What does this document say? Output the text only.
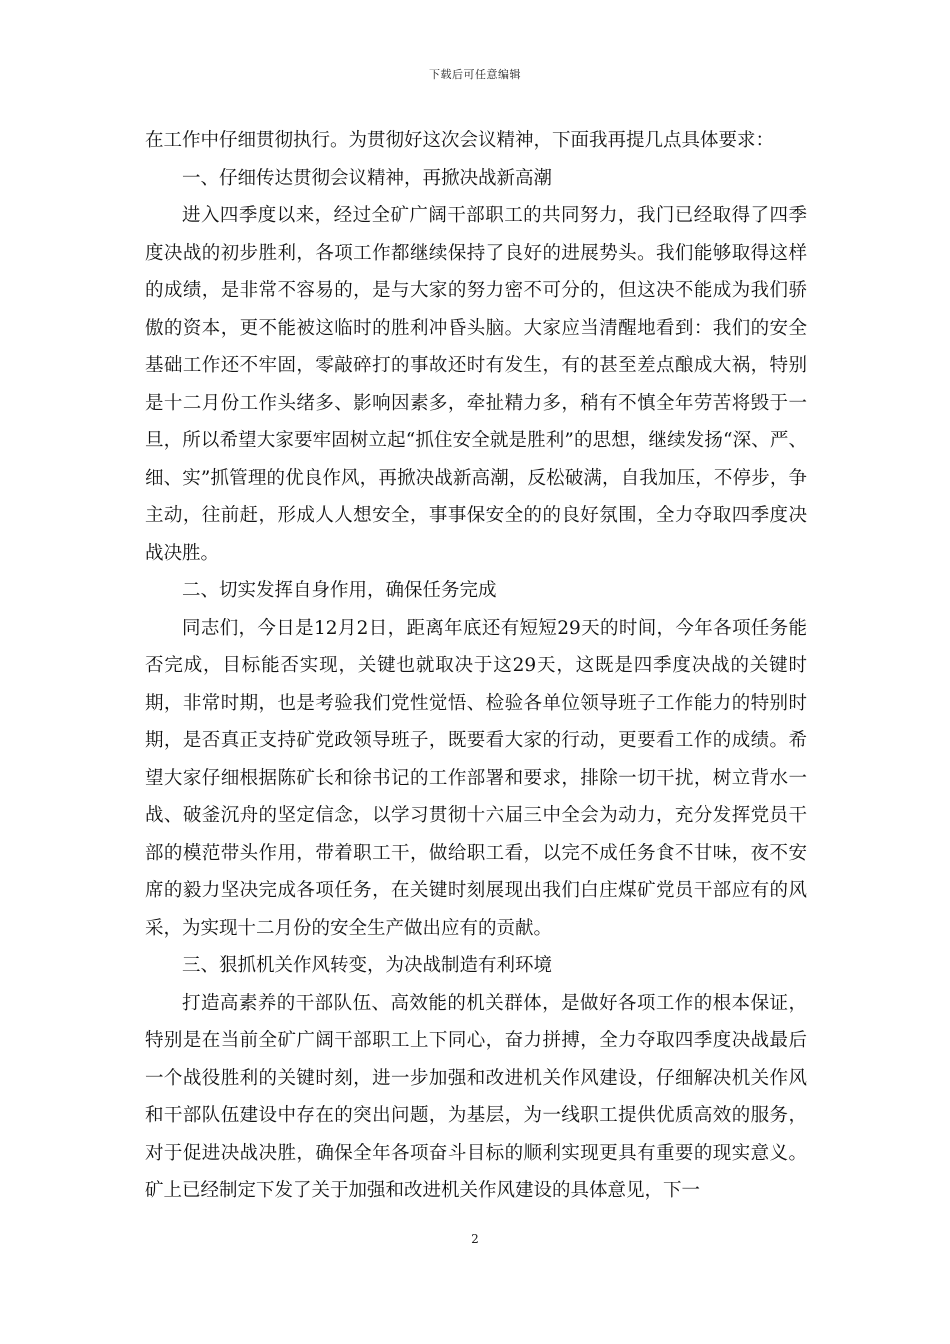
下载后可任意编辑

在工作中仔细贯彻执行。为贯彻好这次会议精神，下面我再提几点具体要求：

一、仔细传达贯彻会议精神，再掀决战新高潮

进入四季度以来，经过全矿广阔干部职工的共同努力，我门已经取得了四季度决战的初步胜利，各项工作都继续保持了良好的进展势头。我们能够取得这样的成绩，是非常不容易的，是与大家的努力密不可分的，但这决不能成为我们骄傲的资本，更不能被这临时的胜利冲昏头脑。大家应当清醒地看到：我们的安全基础工作还不牢固，零敲碎打的事故还时有发生，有的甚至差点酿成大祸，特别是十二月份工作头绪多、影响因素多，牵扯精力多，稍有不慎全年劳苦将毁于一旦，所以希望大家要牢固树立起“抓住安全就是胜利”的思想，继续发扬“深、严、细、实”抓管理的优良作风，再掀决战新高潮，反松破满，自我加压，不停步，争主动，往前赶，形成人人想安全，事事保安全的的良好氛围，全力夺取四季度决战决胜。

二、切实发挥自身作用，确保任务完成

同志们，今日是12月2日，距离年底还有短短29天的时间，今年各项任务能否完成，目标能否实现，关键也就取决于这29天，这既是四季度决战的关键时期，非常时期，也是考验我们党性觉悟、检验各单位领导班子工作能力的特别时期，是否真正支持矿党政领导班子，既要看大家的行动，更要看工作的成绩。希望大家仔细根据陈矿长和徐书记的工作部署和要求，排除一切干扰，树立背水一战、破釜沉舟的坚定信念，以学习贯彻十六届三中全会为动力，充分发挥党员干部的模范带头作用，带着职工干，做给职工看，以完不成任务食不甘味，夜不安席的毅力坚决完成各项任务，在关键时刻展现出我们白庄煤矿党员干部应有的风采，为实现十二月份的安全生产做出应有的贡献。

三、狠抓机关作风转变，为决战制造有利环境

打造高素养的干部队伍、高效能的机关群体，是做好各项工作的根本保证，特别是在当前全矿广阔干部职工上下同心，奋力拼搏，全力夺取四季度决战最后一个战役胜利的关键时刻，进一步加强和改进机关作风建设，仔细解决机关作风和干部队伍建设中存在的突出问题，为基层，为一线职工提供优质高效的服务，对于促进决战决胜，确保全年各项奋斗目标的顺利实现更具有重要的现实意义。矿上已经制定下发了关于加强和改进机关作风建设的具体意见，下一

2
